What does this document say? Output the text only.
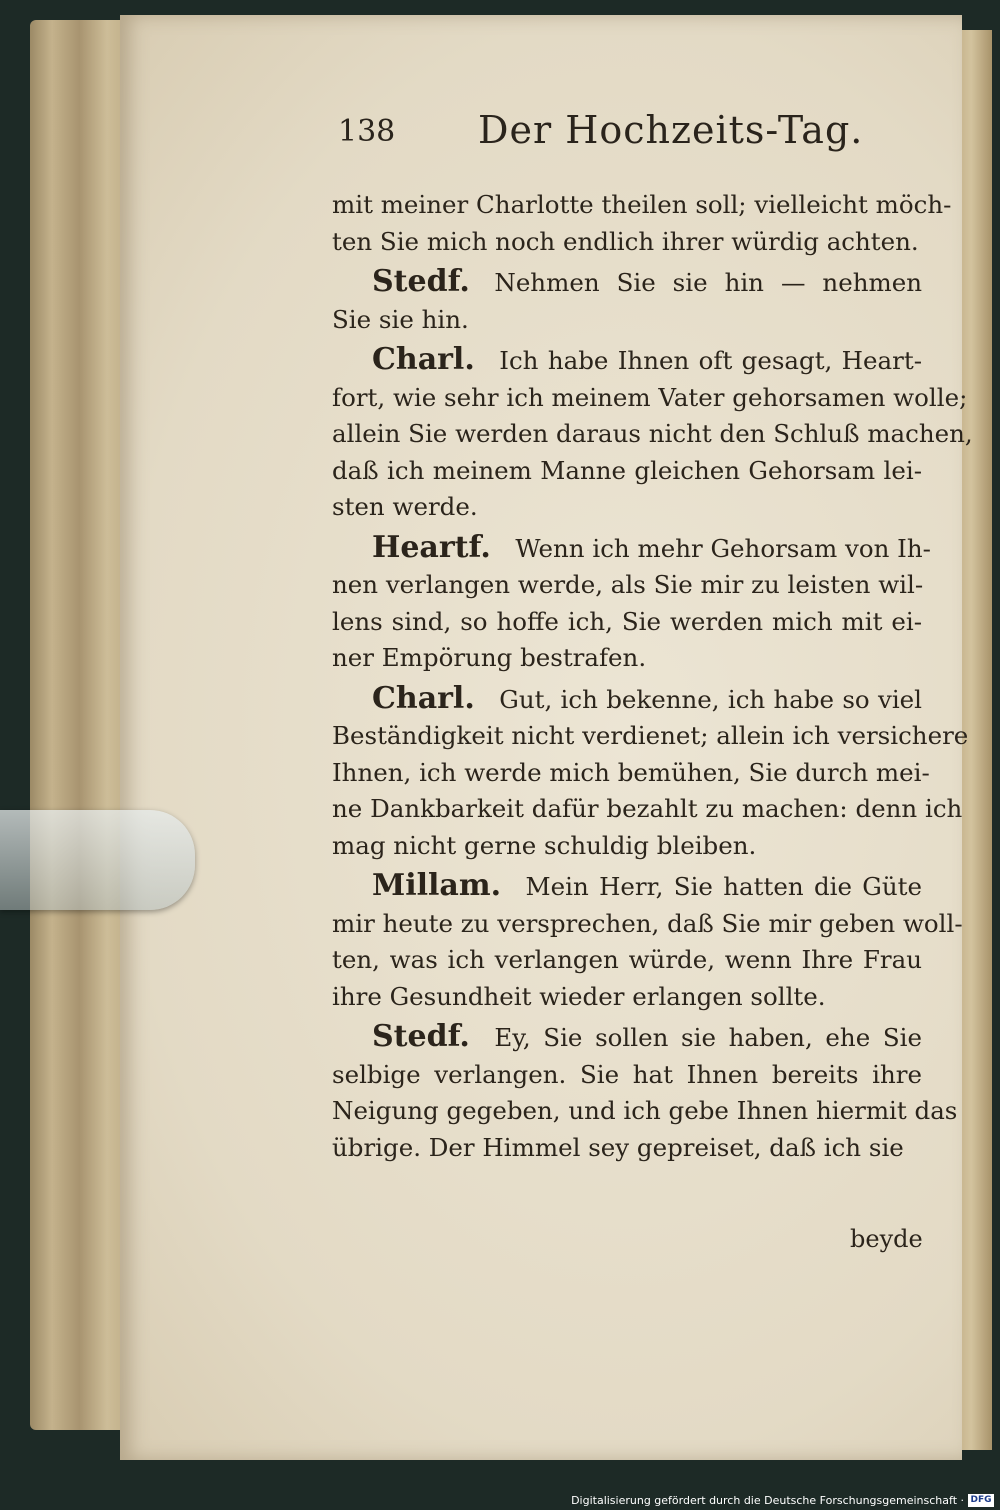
138 Der Hochzeits-Tag.
mit meiner Charlotte theilen soll; vielleicht möch-
ten Sie mich noch endlich ihrer würdig achten.
Stedf.  Nehmen Sie sie hin — nehmen
Sie sie hin.
Charl.  Ich habe Ihnen oft gesagt, Heart-
fort, wie sehr ich meinem Vater gehorsamen wolle;
allein Sie werden daraus nicht den Schluß machen,
daß ich meinem Manne gleichen Gehorsam lei-
sten werde.
Heartf.  Wenn ich mehr Gehorsam von Ih-
nen verlangen werde, als Sie mir zu leisten wil-
lens sind, so hoffe ich, Sie werden mich mit ei-
ner Empörung bestrafen.
Charl.  Gut, ich bekenne, ich habe so viel
Beständigkeit nicht verdienet; allein ich versichere
Ihnen, ich werde mich bemühen, Sie durch mei-
ne Dankbarkeit dafür bezahlt zu machen: denn ich
mag nicht gerne schuldig bleiben.
Millam.  Mein Herr, Sie hatten die Güte
mir heute zu versprechen, daß Sie mir geben woll-
ten, was ich verlangen würde, wenn Ihre Frau
ihre Gesundheit wieder erlangen sollte.
Stedf.  Ey, Sie sollen sie haben, ehe Sie
selbige verlangen. Sie hat Ihnen bereits ihre
Neigung gegeben, und ich gebe Ihnen hiermit das
übrige. Der Himmel sey gepreiset, daß ich sie
beyde
Digitalisierung gefördert durch die Deutsche Forschungsgemeinschaft · DFG
